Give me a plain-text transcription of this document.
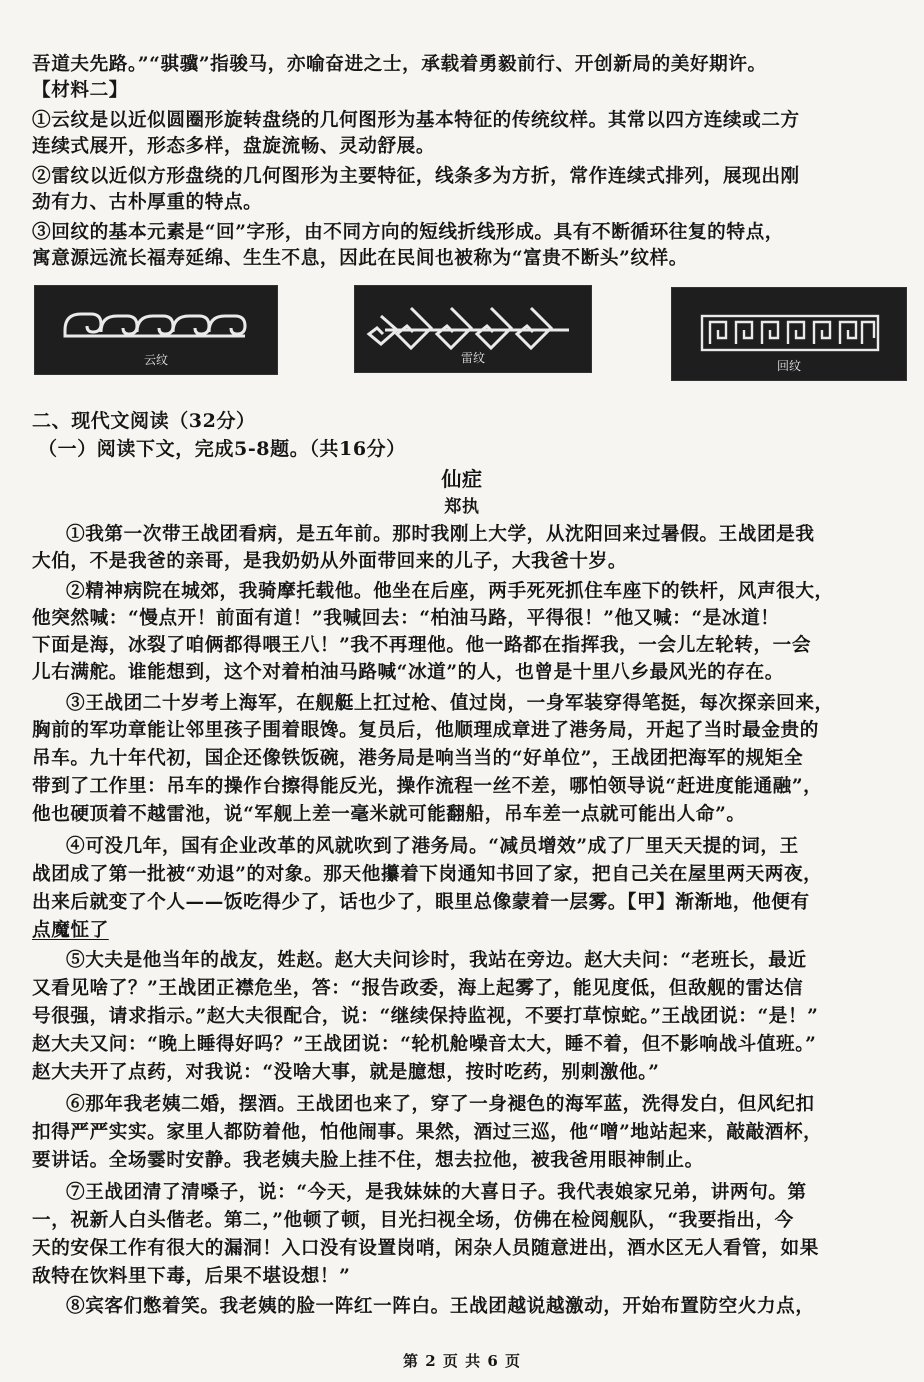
吾道夫先路。”“骐骥”指骏马，亦喻奋进之士，承载着勇毅前行、开创新局的美好期许。
【材料二】
①云纹是以近似圆圈形旋转盘绕的几何图形为基本特征的传统纹样。其常以四方连续或二方
连续式展开，形态多样，盘旋流畅、灵动舒展。
②雷纹以近似方形盘绕的几何图形为主要特征，线条多为方折，常作连续式排列，展现出刚
劲有力、古朴厚重的特点。
③回纹的基本元素是“回”字形，由不同方向的短线折线形成。具有不断循环往复的特点，
寓意源远流长福寿延绵、生生不息，因此在民间也被称为“富贵不断头”纹样。
云纹	雷纹
回纹
二、现代文阅读（32分）
（一）阅读下文，完成5-8题。（共16分）
仙症
郑执
①我第一次带王战团看病，是五年前。那时我刚上大学，从沈阳回来过暑假。王战团是我
大伯，不是我爸的亲哥，是我奶奶从外面带回来的儿子，大我爸十岁。
②精神病院在城郊，我骑摩托载他。他坐在后座，两手死死抓住车座下的铁杆，风声很大，
他突然喊：“慢点开！前面有道！”我喊回去：“柏油马路，平得很！”他又喊：“是冰道！
下面是海，冰裂了咱俩都得喂王八！”我不再理他。他一路都在指挥我，一会儿左轮转，一会
儿右满舵。谁能想到，这个对着柏油马路喊“冰道”的人，也曾是十里八乡最风光的存在。
③王战团二十岁考上海军，在舰艇上扛过枪、值过岗，一身军装穿得笔挺，每次探亲回来，
胸前的军功章能让邻里孩子围着眼馋。复员后，他顺理成章进了港务局，开起了当时最金贵的
吊车。九十年代初，国企还像铁饭碗，港务局是响当当的“好单位”，王战团把海军的规矩全
带到了工作里：吊车的操作台擦得能反光，操作流程一丝不差，哪怕领导说“赶进度能通融”，
他也硬顶着不越雷池，说“军舰上差一毫米就可能翻船，吊车差一点就可能出人命”。
④可没几年，国有企业改革的风就吹到了港务局。“减员增效”成了厂里天天提的词，王
战团成了第一批被“劝退”的对象。那天他攥着下岗通知书回了家，把自己关在屋里两天两夜，
出来后就变了个人——饭吃得少了，话也少了，眼里总像蒙着一层雾。【甲】渐渐地，他便有
点魔怔了
⑤大夫是他当年的战友，姓赵。赵大夫问诊时，我站在旁边。赵大夫问：“老班长，最近
又看见啥了？”王战团正襟危坐，答：“报告政委，海上起雾了，能见度低，但敌舰的雷达信
号很强，请求指示。”赵大夫很配合，说：“继续保持监视，不要打草惊蛇。”王战团说：“是！”
赵大夫又问：“晚上睡得好吗？”王战团说：“轮机舱噪音太大，睡不着，但不影响战斗值班。”
赵大夫开了点药，对我说：“没啥大事，就是臆想，按时吃药，别刺激他。”
⑥那年我老姨二婚，摆酒。王战团也来了，穿了一身褪色的海军蓝，洗得发白，但风纪扣
扣得严严实实。家里人都防着他，怕他闹事。果然，酒过三巡，他“噌”地站起来，敲敲酒杯，
要讲话。全场霎时安静。我老姨夫脸上挂不住，想去拉他，被我爸用眼神制止。
⑦王战团清了清嗓子，说：“今天，是我妹妹的大喜日子。我代表娘家兄弟，讲两句。第
一，祝新人白头偕老。第二，”他顿了顿，目光扫视全场，仿佛在检阅舰队，“我要指出，今
天的安保工作有很大的漏洞！入口没有设置岗哨，闲杂人员随意进出，酒水区无人看管，如果
敌特在饮料里下毒，后果不堪设想！”
⑧宾客们憋着笑。我老姨的脸一阵红一阵白。王战团越说越激动，开始布置防空火力点，
第 2 页 共 6 页
